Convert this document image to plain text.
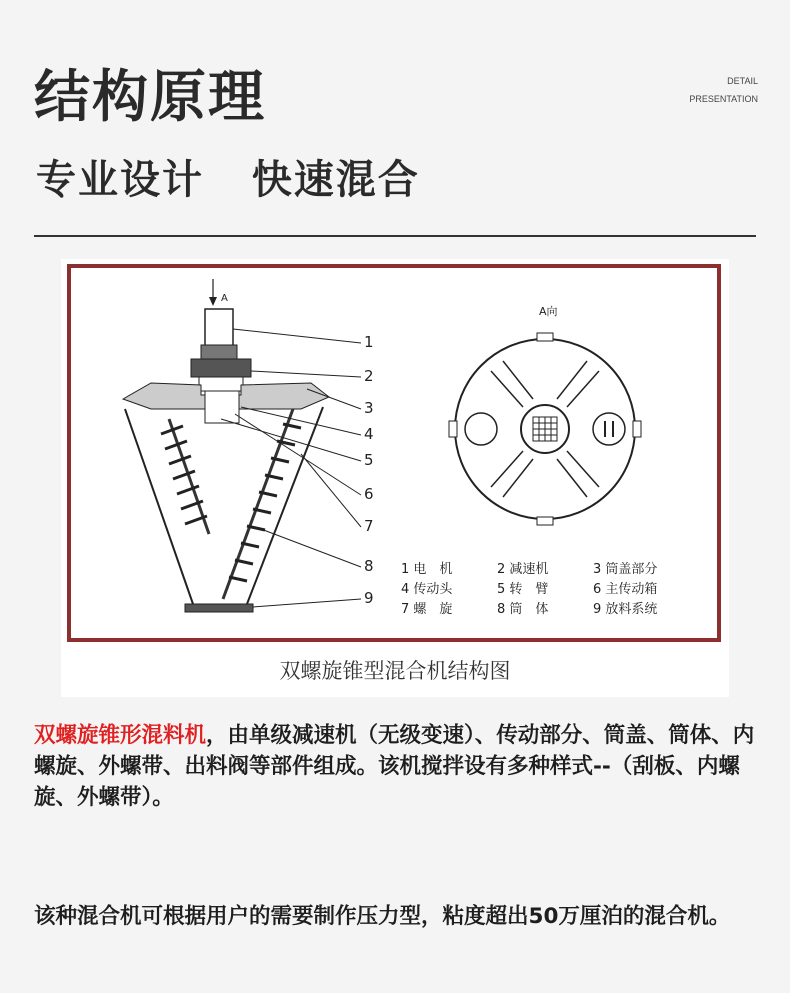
结构原理
专业设计   快速混合
DETAIL
PRESENTATION
A
1
2
3
4
5
6
7
8
9
A向
1 电　机	2 减速机	3 筒盖部分
4 传动头	5 转　臂	6 主传动箱
7 螺　旋	8 筒　体	9 放料系统
双螺旋锥型混合机结构图
双螺旋锥形混料机，由单级减速机（无级变速）、传动部分、筒盖、筒体、内螺旋、外螺带、出料阀等部件组成。该机搅拌设有多种样式--（刮板、内螺旋、外螺带）。
该种混合机可根据用户的需要制作压力型，粘度超出50万厘泊的混合机。
